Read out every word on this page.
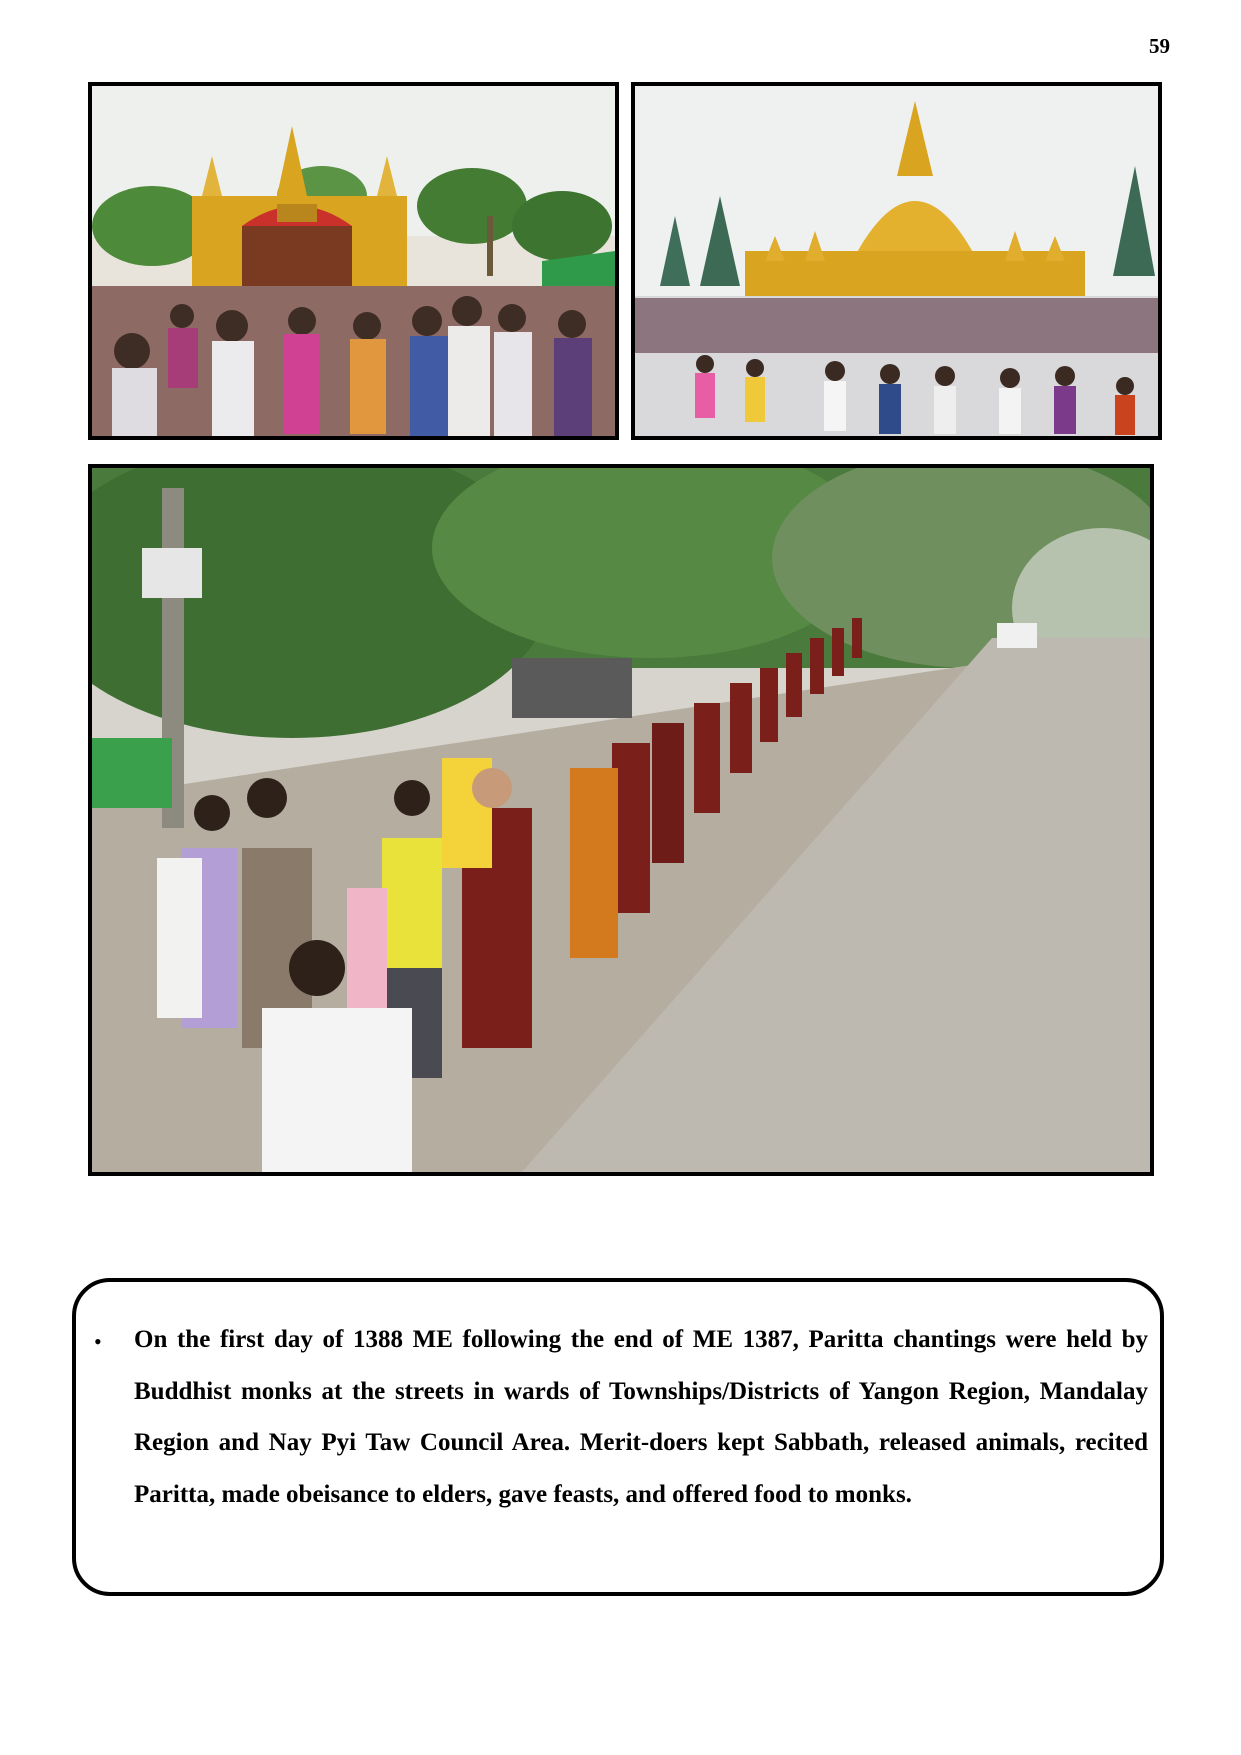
59
• On the first day of 1388 ME following the end of ME 1387, Paritta chantings were held by Buddhist monks at the streets in wards of Townships/Districts of Yangon Region, Mandalay Region and Nay Pyi Taw Council Area. Merit-doers kept Sabbath, released animals, recited Paritta, made obeisance to elders, gave feasts, and offered food to monks.
